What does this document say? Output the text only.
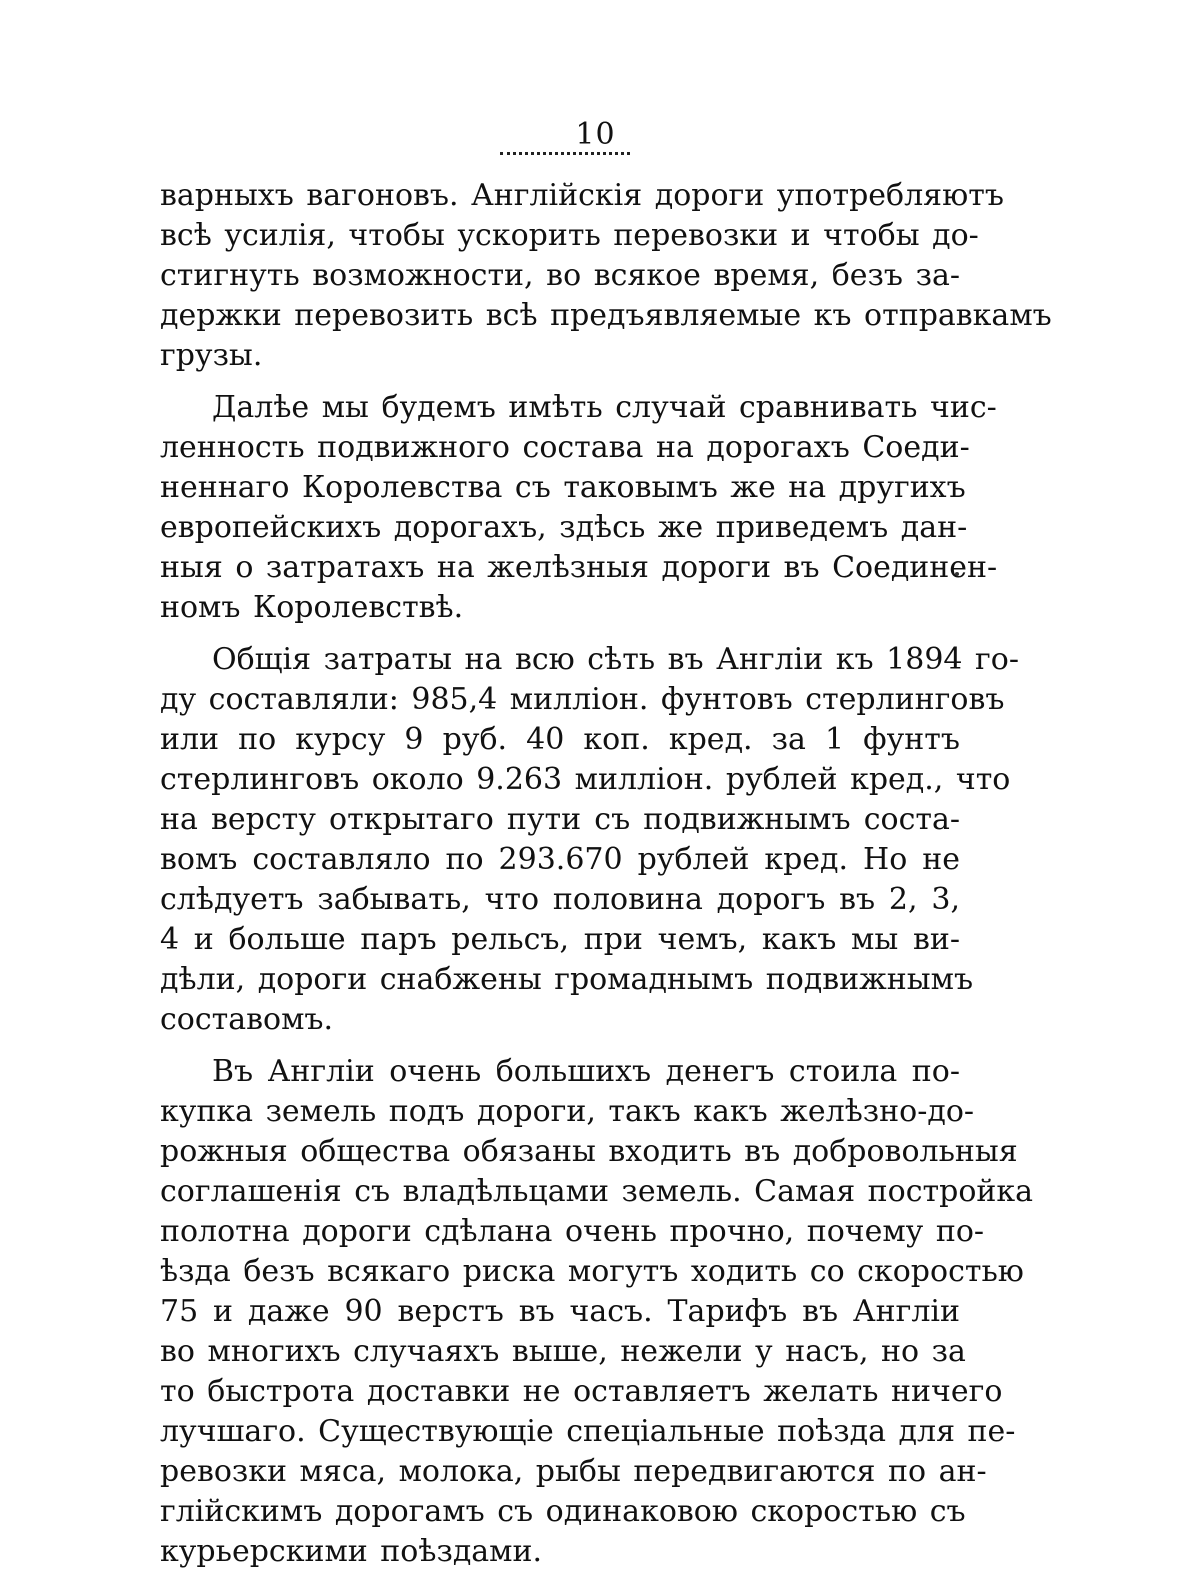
10
варныхъ вагоновъ. Англійскія дороги употребляютъ
всѣ усилія, чтобы ускорить перевозки и чтобы до-
стигнуть возможности, во всякое время, безъ за-
держки перевозить всѣ предъявляемые къ отправкамъ
грузы.
Далѣе мы будемъ имѣть случай сравнивать чис-
ленность подвижного состава на дорогахъ Соеди-
неннаго Королевства съ таковымъ же на другихъ
европейскихъ дорогахъ, здѣсь же приведемъ дан-
ныя о затратахъ на желѣзныя дороги въ Соединен-
номъ Королевствѣ.
Общія затраты на всю сѣть въ Англіи къ 1894 го-
ду составляли: 985,4 милліон. фунтовъ стерлинговъ
или по курсу 9 руб. 40 коп. кред. за 1 фунтъ
стерлинговъ около 9.263 милліон. рублей кред., что
на версту открытаго пути съ подвижнымъ соста-
вомъ составляло по 293.670 рублей кред. Но не
слѣдуетъ забывать, что половина дорогъ въ 2, 3,
4 и больше паръ рельсъ, при чемъ, какъ мы ви-
дѣли, дороги снабжены громаднымъ подвижнымъ
составомъ.
Въ Англіи очень большихъ денегъ стоила по-
купка земель подъ дороги, такъ какъ желѣзно-до-
рожныя общества обязаны входить въ добровольныя
соглашенія съ владѣльцами земель. Самая постройка
полотна дороги сдѣлана очень прочно, почему по-
ѣзда безъ всякаго риска могутъ ходить со скоростью
75 и даже 90 верстъ въ часъ. Тарифъ въ Англіи
во многихъ случаяхъ выше, нежели у насъ, но за
то быстрота доставки не оставляетъ желать ничего
лучшаго. Существующіе спеціальные поѣзда для пе-
ревозки мяса, молока, рыбы передвигаются по ан-
глійскимъ дорогамъ съ одинаковою скоростью съ
курьерскими поѣздами.
